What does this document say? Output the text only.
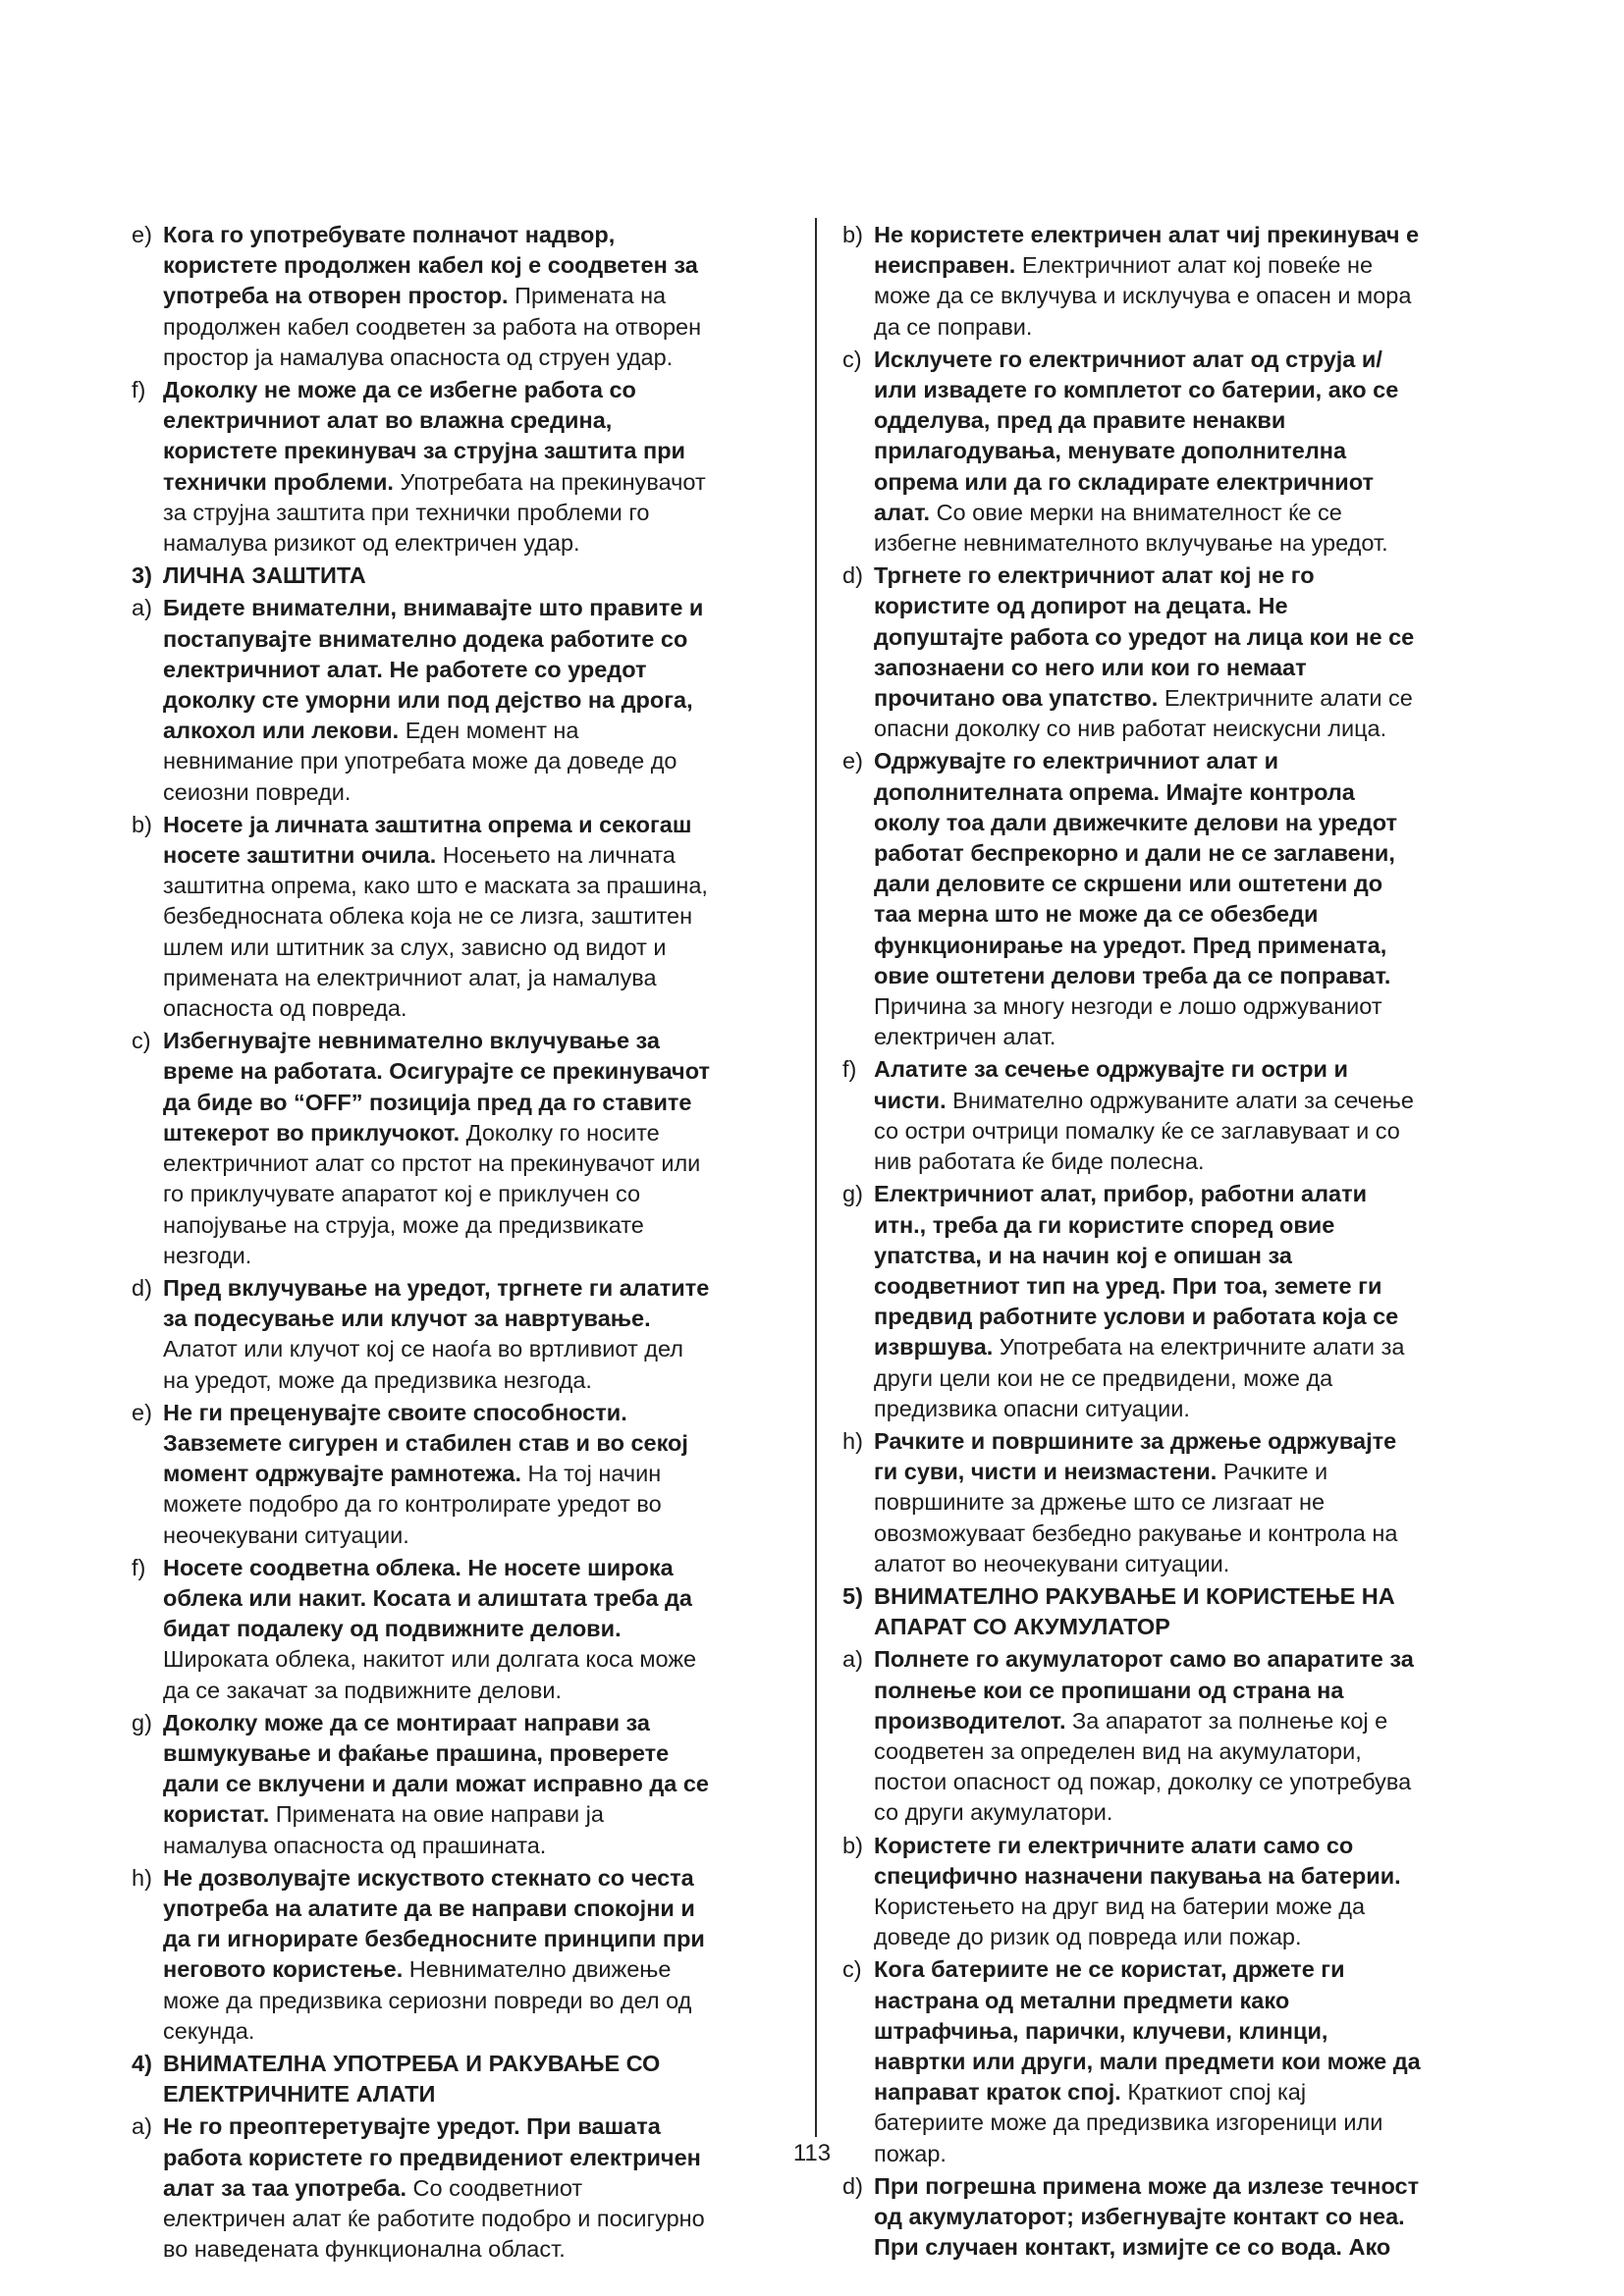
e) Кога го употребувате полначот надвор, користете продолжен кабел кој е соодветен за употреба на отворен простор. Примената на продолжен кабел соодветен за работа на отворен простор ја намалува опасноста од струен удар.
f) Доколку не може да се избегне работа со електричниот алат во влажна средина, користете прекинувач за струјна заштита при технички проблеми. Употребата на прекинувачот за струјна заштита при технички проблеми го намалува ризикот од електричен удар.
3) ЛИЧНА ЗАШТИТА
a) Бидете внимателни, внимавајте што правите и постапувајте внимателно додека работите со електричниот алат. Не работете со уредот доколку сте уморни или под дејство на дрога, алкохол или лекови. Еден момент на невнимание при употребата може да доведе до сеиозни повреди.
b) Носете ја личната заштитна опрема и секогаш носете заштитни очила. Носењето на личната заштитна опрема, како што е маската за прашина, безбедносната облека која не се лизга, заштитен шлем или штитник за слух, зависно од видот и примената на електричниот алат, ја намалува опасноста од повреда.
c) Избегнувајте невнимателно вклучување за време на работата. Осигурајте се прекинувачот да биде во “OFF” позиција пред да го ставите штекерот во приклучокот. Доколку го носите електричниот алат со прстот на прекинувачот или го приклучувате апаратот кој е приклучен со напојување на струја, може да предизвикате незгоди.
d) Пред вклучување на уредот, тргнете ги алатите за подесување или клучот за навртување. Алатот или клучот кој се наоѓа во вртливиот дел на уредот, може да предизвика незгода.
e) Не ги преценувајте своите способности. Завземете сигурен и стабилен став и во секој момент одржувајте рамнотежа. На тој начин можете подобро да го контролирате уредот во неочекувани ситуации.
f) Носете соодветна облека. Не носете широка облека или накит. Косата и алиштата треба да бидат подалеку од подвижните делови. Широката облека, накитот или долгата коса може да се закачат за подвижните делови.
g) Доколку може да се монтираат направи за вшмукување и фаќање прашина, проверете дали се вклучени и дали можат исправно да се користат. Примената на овие направи ја намалува опасноста од прашината.
h) Не дозволувајте искуството стекнато со честа употреба на алатите да ве направи спокојни и да ги игнорирате безбедносните принципи при неговото користење. Невнимателно движење може да предизвика сериозни повреди во дел од секунда.
4) ВНИМАТЕЛНА УПОТРЕБА И РАКУВАЊЕ СО ЕЛЕКТРИЧНИТЕ АЛАТИ
a) Не го преоптеретувајте уредот. При вашата работа користете го предвидениот електричен алат за таа употреба. Со соодветниот електричен алат ќе работите подобро и посигурно во наведената функционална област.
b) Не користете електричен алат чиј прекинувач е неисправен. Електричниот алат кој повеќе не може да се вклучува и исклучува е опасен и мора да се поправи.
c) Исклучете го електричниот алат од струја и/или извадете го комплетот со батерии, ако се одделува, пред да правите ненакви прилагодувања, менувате дополнителна опрема или да го складирате електричниот алат. Со овие мерки на внимателност ќе се избегне невнимателното вклучување на уредот.
d) Тргнете го електричниот алат кој не го користите од допирот на децата. Не допуштајте работа со уредот на лица кои не се запознаени со него или кои го немаат прочитано ова упатство. Електричните алати се опасни доколку со нив работат неискусни лица.
e) Одржувајте го електричниот алат и дополнителната опрема. Имајте контрола околу тоа дали движечките делови на уредот работат беспрекорно и дали не се заглавени, дали деловите се скршени или оштетени до таа мерна што не може да се обезбеди функционирање на уредот. Пред примената, овие оштетени делови треба да се поправат. Причина за многу незгоди е лошо одржуваниот електричен алат.
f) Алатите за сечење одржувајте ги остри и чисти. Внимателно одржуваните алати за сечење со остри очтрици помалку ќе се заглавуваат и со нив работата ќе биде полесна.
g) Електричниот алат, прибор, работни алати итн., треба да ги користите според овие упатства, и на начин кој е опишан за соодветниот тип на уред. При тоа, земете ги предвид работните услови и работата која се извршува. Употребата на електричните алати за други цели кои не се предвидени, може да предизвика опасни ситуации.
h) Рачките и површините за држење одржувајте ги суви, чисти и неизмастени. Рачките и површините за држење што се лизгаат не овозможуваат безбедно ракување и контрола на алатот во неочекувани ситуации.
5) ВНИМАТЕЛНО РАКУВАЊЕ И КОРИСТЕЊЕ НА АПАРАТ СО АКУМУЛАТОР
a) Полнете го акумулаторот само во апаратите за полнење кои се пропишани од страна на производителот. За апаратот за полнење кој е соодветен за определен вид на акумулатори, постои опасност од пожар, доколку се употребува со други акумулатори.
b) Користете ги електричните алати само со специфично назначени пакувања на батерии. Користењето на друг вид на батерии може да доведе до ризик од повреда или пожар.
c) Кога батериите не се користат, држете ги настрана од метални предмети како штрафчиња, парички, клучеви, клинци, навртки или други, мали предмети кои може да направат краток спој. Краткиот спој кај батериите може да предизвика изгореници или пожар.
d) При погрешна примена може да излезе течност од акумулаторот; избегнувајте контакт со неа. При случаен контакт, измијте се со вода. Ако
113
